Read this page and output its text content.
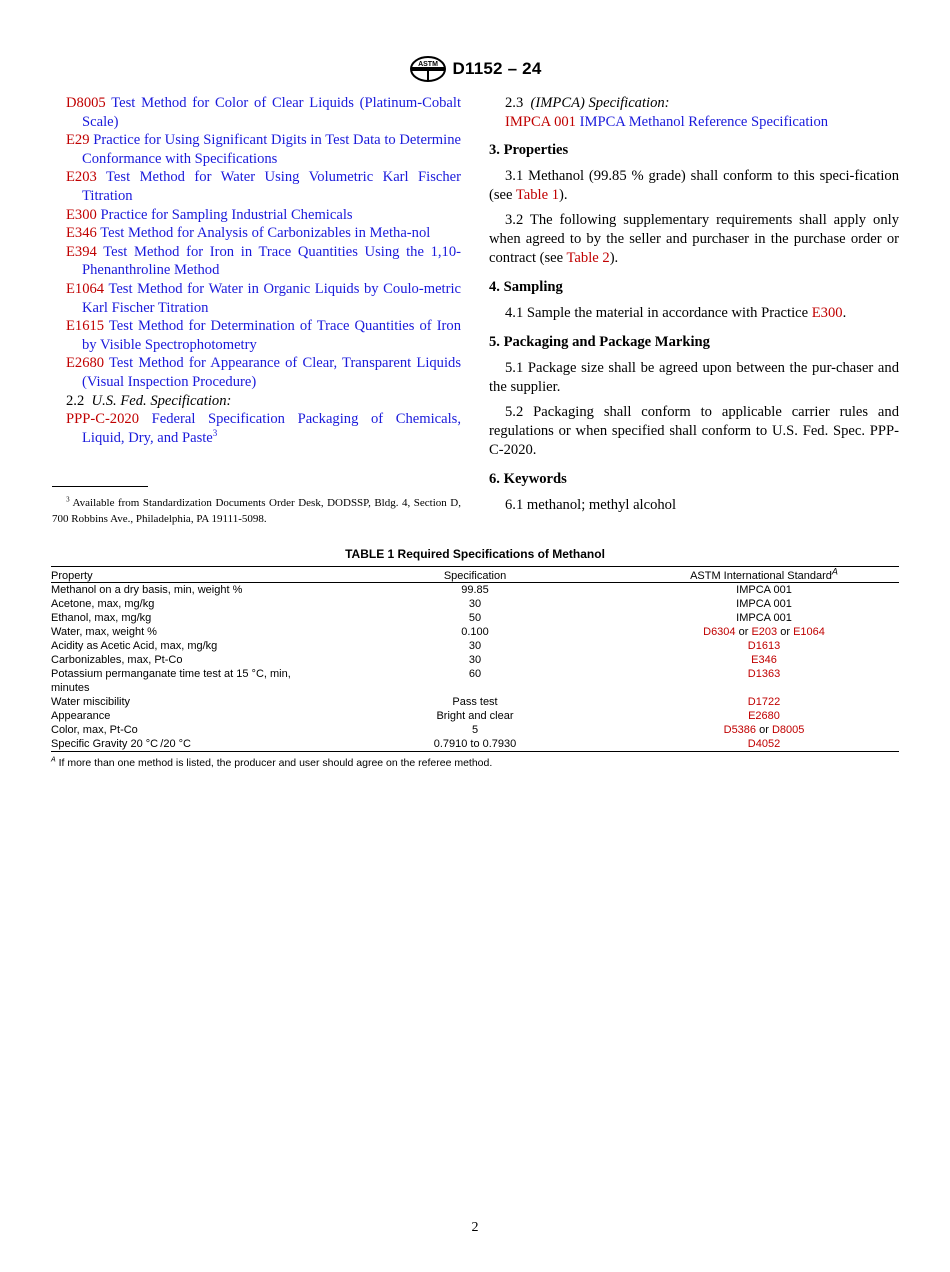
ASTM D1152 – 24
D8005 Test Method for Color of Clear Liquids (Platinum-Cobalt Scale)
E29 Practice for Using Significant Digits in Test Data to Determine Conformance with Specifications
E203 Test Method for Water Using Volumetric Karl Fischer Titration
E300 Practice for Sampling Industrial Chemicals
E346 Test Method for Analysis of Carbonizables in Metha-nol
E394 Test Method for Iron in Trace Quantities Using the 1,10-Phenanthroline Method
E1064 Test Method for Water in Organic Liquids by Coulo-metric Karl Fischer Titration
E1615 Test Method for Determination of Trace Quantities of Iron by Visible Spectrophotometry
E2680 Test Method for Appearance of Clear, Transparent Liquids (Visual Inspection Procedure)
2.2 U.S. Fed. Specification:
PPP-C-2020 Federal Specification Packaging of Chemicals, Liquid, Dry, and Paste$^3$
$^3$ Available from Standardization Documents Order Desk, DODSSP, Bldg. 4, Section D, 700 Robbins Ave., Philadelphia, PA 19111-5098.
2.3 (IMPCA) Specification:
IMPCA 001 IMPCA Methanol Reference Specification
3. Properties

3.1 Methanol (99.85 % grade) shall conform to this speci-fication (see Table 1).

3.2 The following supplementary requirements shall apply only when agreed to by the seller and purchaser in the purchase order or contract (see Table 2).

4. Sampling

4.1 Sample the material in accordance with Practice E300.

5. Packaging and Package Marking

5.1 Package size shall be agreed upon between the pur-chaser and the supplier.

5.2 Packaging shall conform to applicable carrier rules and regulations or when specified shall conform to U.S. Fed. Spec. PPP-C-2020.

6. Keywords

6.1 methanol; methyl alcohol

TABLE 1 Required Specifications of Methanol
Property	Specification	ASTM International Standard$^A$
Methanol on a dry basis, min, weight %	99.85	IMPCA 001
Acetone, max, mg/kg	30	IMPCA 001
Ethanol, max, mg/kg	50	IMPCA 001
Water, max, weight %	0.100	D6304 or E203 or E1064
Acidity as Acetic Acid, max, mg/kg	30	D1613
Carbonizables, max, Pt-Co	30	E346
Potassium permanganate time test at 15 °C, min, minutes	60	D1363
Water miscibility	Pass test	D1722
Appearance	Bright and clear	E2680
Color, max, Pt-Co	5	D5386 or D8005
Specific Gravity 20 °C /20 °C	0.7910 to 0.7930	D4052
$^A$ If more than one method is listed, the producer and user should agree on the referee method.
2
